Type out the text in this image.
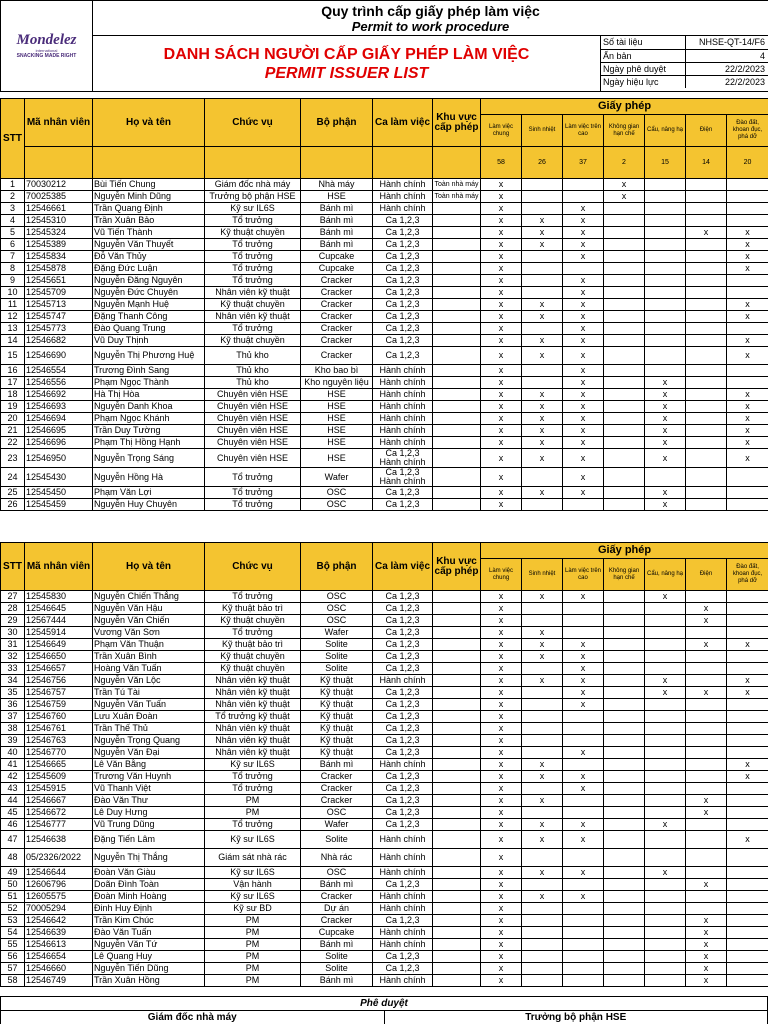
Mondelez
international
SNACKING MADE RIGHT

Quy trình cấp giấy phép làm việc
Permit to work procedure

DANH SÁCH NGƯỜI CẤP GIẤY PHÉP LÀM VIỆC
PERMIT ISSUER LIST

Số tài liệu	NHSE-QT-14/F6
Ấn bản	4
Ngày phê duyệt	22/2/2023
Ngày hiệu lực	22/2/2023
STT	Mã nhân viên	Họ và tên	Chức vụ	Bộ phận	Ca làm việc	Khu vực cấp phép	Giấy phép						
							Làm việc chung	Sinh nhiệt	Làm việc trên cao	Không gian hạn chế	Cẩu, nâng hạ	Điện	Đào đất, khoan đục, phá dỡ
							58	26	37	2	15	14	20
1	70030212	Bùi Tiến Chung	Giám đốc nhà máy	Nhà máy	Hành chính	Toàn nhà máy	x			x			
2	70025385	Nguyễn Minh Dũng	Trưởng bộ phận HSE	HSE	Hành chính	Toàn nhà máy	x			x			
3	12546661	Trần Quang Định	Kỹ sư IL6S	Bánh mì	Hành chính		x		x				
4	12545310	Trần Xuân Bảo	Tổ trưởng	Bánh mì	Ca 1,2,3		x	x	x				
5	12545324	Vũ Tiến Thành	Kỹ thuật chuyền	Bánh mì	Ca 1,2,3		x	x	x			x	x
6	12545389	Nguyễn Văn Thuyết	Tổ trưởng	Bánh mì	Ca 1,2,3		x	x	x				x
7	12545834	Đỗ Văn Thủy	Tổ trưởng	Cupcake	Ca 1,2,3		x		x				x
8	12545878	Đặng Đức Luận	Tổ trưởng	Cupcake	Ca 1,2,3		x						x
9	12545651	Nguyễn Đăng Nguyên	Tổ trưởng	Cracker	Ca 1,2,3		x		x				
10	12545709	Nguyễn Đức Chuyên	Nhân viên kỹ thuật	Cracker	Ca 1,2,3		x		x				
11	12545713	Nguyễn Mạnh Huệ	Kỹ thuật chuyền	Cracker	Ca 1,2,3		x	x	x				x
12	12545747	Đặng Thanh Công	Nhân viên kỹ thuật	Cracker	Ca 1,2,3		x	x	x				x
13	12545773	Đào Quang Trung	Tổ trưởng	Cracker	Ca 1,2,3		x		x				
14	12546682	Vũ Duy Thịnh	Kỹ thuật chuyền	Cracker	Ca 1,2,3		x	x	x				x
15	12546690	Nguyễn Thị Phương Huệ	Thủ kho	Cracker	Ca 1,2,3		x	x	x				x
16	12546554	Trương Đình Sang	Thủ kho	Kho bao bì	Hành chính		x		x				
17	12546556	Phạm Ngọc Thành	Thủ kho	Kho nguyên liệu	Hành chính		x		x		x		
18	12546692	Hà Thị Hòa	Chuyên viên HSE	HSE	Hành chính		x	x	x		x		x
19	12546693	Nguyễn Danh Khoa	Chuyên viên HSE	HSE	Hành chính		x	x	x		x		x
20	12546694	Phạm Ngọc Khánh	Chuyên viên HSE	HSE	Hành chính		x	x	x		x		x
21	12546695	Trần Duy Tường	Chuyên viên HSE	HSE	Hành chính		x	x	x		x		x
22	12546696	Phạm Thị Hồng Hạnh	Chuyên viên HSE	HSE	Hành chính		x	x	x		x		x
23	12546950	Nguyễn Trọng Sáng	Chuyên viên HSE	HSE	Ca 1,2,3 Hành chính		x	x	x		x		x
24	12545430	Nguyễn Hồng Hà	Tổ trưởng	Wafer	Ca 1,2,3 Hành chính		x		x				
25	12545450	Phạm Văn Lợi	Tổ trưởng	OSC	Ca 1,2,3		x	x	x		x		
26	12545459	Nguyễn Huy Chuyên	Tổ trưởng	OSC	Ca 1,2,3		x				x		
STT	Mã nhân viên	Họ và tên	Chức vụ	Bộ phận	Ca làm việc	Khu vực cấp phép	Giấy phép						
							Làm việc chung	Sinh nhiệt	Làm việc trên cao	Không gian hạn chế	Cẩu, nâng hạ	Điện	Đào đất, khoan đục, phá dỡ
27	12545830	Nguyễn Chiến Thắng	Tổ trưởng	OSC	Ca 1,2,3		x	x	x		x		
28	12546645	Nguyễn Văn Hậu	Kỹ thuật bảo trì	OSC	Ca 1,2,3		x					x	
29	12567444	Nguyễn Văn Chiến	Kỹ thuật chuyền	OSC	Ca 1,2,3		x					x	
30	12545914	Vương Văn Sơn	Tổ trưởng	Wafer	Ca 1,2,3		x	x					
31	12546649	Phạm Văn Thuận	Kỹ thuật bảo trì	Solite	Ca 1,2,3		x	x	x			x	x
32	12546650	Trần Xuân Bình	Kỹ thuật chuyền	Solite	Ca 1,2,3		x	x	x				
33	12546657	Hoàng Văn Tuấn	Kỹ thuật chuyền	Solite	Ca 1,2,3		x		x				
34	12546756	Nguyễn Văn Lộc	Nhân viên kỹ thuật	Kỹ thuật	Hành chính		x	x	x		x		x
35	12546757	Trần Tú Tài	Nhân viên kỹ thuật	Kỹ thuật	Ca 1,2,3		x		x		x	x	x
36	12546759	Nguyễn Văn Tuấn	Nhân viên kỹ thuật	Kỹ thuật	Ca 1,2,3		x		x				
37	12546760	Lưu Xuân Đoàn	Tổ trưởng kỹ thuật	Kỹ thuật	Ca 1,2,3		x						
38	12546761	Trần Thế Thủ	Nhân viên kỹ thuật	Kỹ thuật	Ca 1,2,3		x						
39	12546763	Nguyễn Trọng Quang	Nhân viên kỹ thuật	Kỹ thuật	Ca 1,2,3		x						
40	12546770	Nguyễn Văn Đại	Nhân viên kỹ thuật	Kỹ thuật	Ca 1,2,3		x		x				
41	12546665	Lê Văn Bằng	Kỹ sư IL6S	Bánh mì	Hành chính		x	x					x
42	12545609	Trương Văn Huynh	Tổ trưởng	Cracker	Ca 1,2,3		x	x	x				x
43	12545915	Vũ Thanh Việt	Tổ trưởng	Cracker	Ca 1,2,3		x		x				
44	12546667	Đào Văn Thư	PM	Cracker	Ca 1,2,3		x	x				x	
45	12546672	Lê Duy Hưng	PM	OSC	Ca 1,2,3		x					x	
46	12546777	Vũ Trung Dũng	Tổ trưởng	Wafer	Ca 1,2,3		x	x	x		x		
47	12546638	Đặng Tiến Lâm	Kỹ sư IL6S	Solite	Hành chính		x	x	x				x
48	05/2326/2022	Nguyễn Thị Thắng	Giám sát nhà rác	Nhà rác	Hành chính		x						
49	12546644	Đoàn Văn Giàu	Kỹ sư IL6S	OSC	Hành chính		x	x	x		x		
50	12606796	Doãn Đình Toàn	Vận hành	Bánh mì	Ca 1,2,3		x					x	
51	12605575	Đoàn Minh Hoàng	Kỹ sư IL6S	Cracker	Hành chính		x	x	x				
52	70005294	Đinh Huy Định	Kỹ sư BD	Dự án	Hành chính		x						
53	12546642	Trần Kim Chúc	PM	Cracker	Ca 1,2,3		x					x	
54	12546639	Đào Văn Tuấn	PM	Cupcake	Hành chính		x					x	
55	12546613	Nguyễn Văn Tứ	PM	Bánh mì	Hành chính		x					x	
56	12546654	Lê Quang Huy	PM	Solite	Ca 1,2,3		x					x	
57	12546660	Nguyễn Tiến Dũng	PM	Solite	Ca 1,2,3		x					x	
58	12546749	Trần Xuân Hồng	PM	Bánh mì	Hành chính		x					x	
Phê duyệt
Giám đốc nhà máy	Trưởng bộ phận HSE
